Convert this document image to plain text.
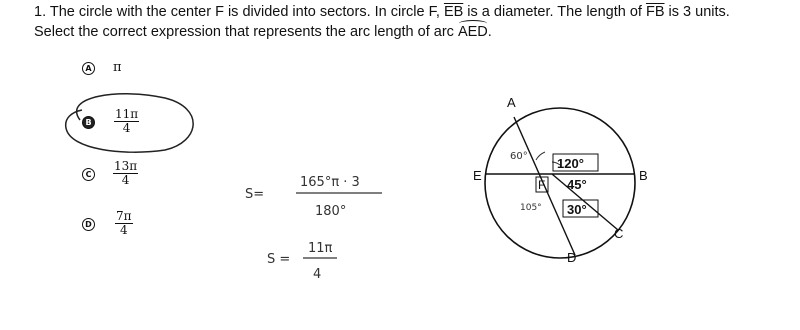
1. The circle with the center F is divided into sectors. In circle F, $\overline{EB}$ is a diameter. The length of $\overline{FB}$ is 3 units.
Select the correct expression that represents the arc length of arc AED.
A π
B $\frac{11\pi}{4}$
C $\frac{13\pi}{4}$
D $\frac{7\pi}{4}$
S=
165°π · 3
180°
S =
11π
4
A
B
C
D
E
F
60° 120°
45°
105° 30°
